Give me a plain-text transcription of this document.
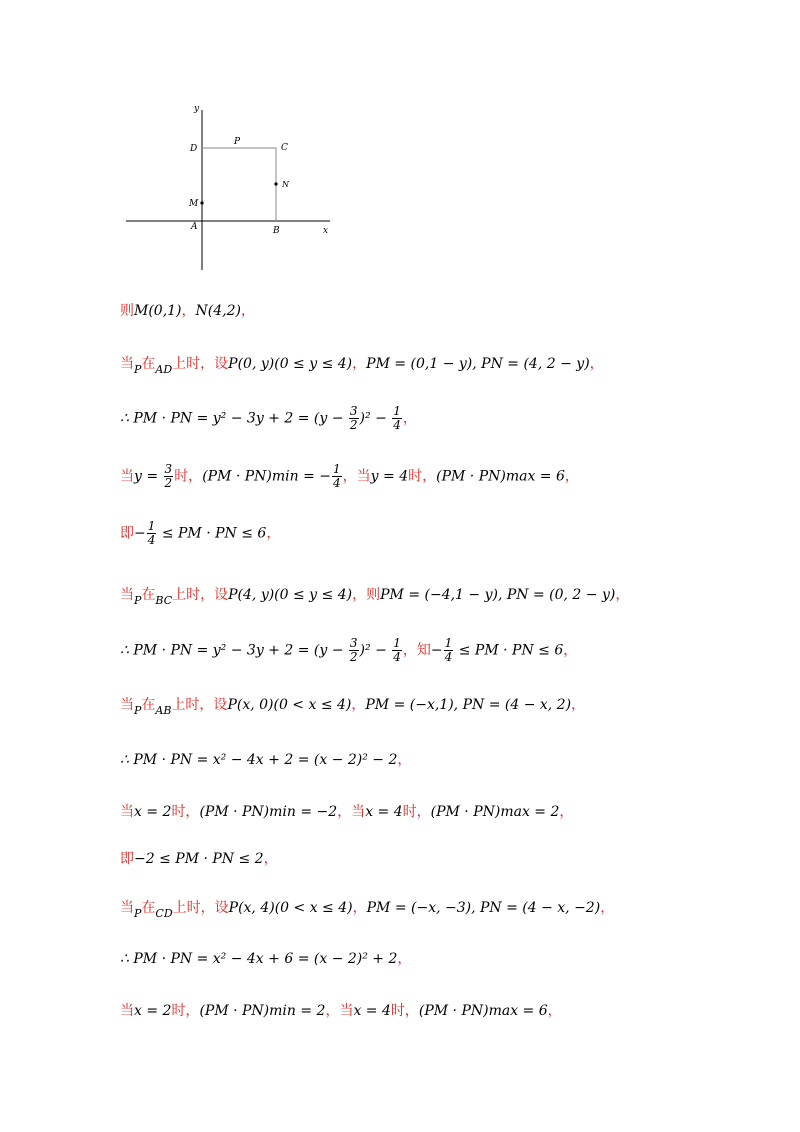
y
x
D
P
C
N
M
A	B
则M(0,1)，N(4,2)，
当$_P$在$_{AD}$上时，设P(0, y)(0 ≤ y ≤ 4)，PM = (0,1 − y), PN = (4, 2 − y)，
∴ PM · PN = $y^2 - 3y + 2 = (y - \frac{3}{2} )^2 - \frac{1}{4}$ ，
当$y = \frac{3}{2}$ 时，(PM · PN)min = − $\frac{1}{4}$ ，当y = 4时，(PM · PN)max = 6，
即− $\frac{1}{4}$ ≤ PM · PN ≤ 6，
当$_P$在$_{BC}$上时，设P(4, y)(0 ≤ y ≤ 4)，则PM = (−4,1 − y), PN = (0, 2 − y)，
∴ PM · PN = $y^2 - 3y + 2 = (y - \frac{3}{2} )^2 - \frac{1}{4}$ ，知− $\frac{1}{4}$ ≤ PM · PN ≤ 6，
当$_P$在$_{AB}$上时，设P(x, 0)(0 < x ≤ 4)，PM = (−x,1), PN = (4 − x, 2)，
∴ PM · PN = x² − 4x + 2 = (x − 2)² − 2，
当x = 2时，(PM · PN)min = −2，当x = 4时，(PM · PN)max = 2，
即−2 ≤ PM · PN ≤ 2，
当$_P$在$_{CD}$上时，设P(x, 4)(0 < x ≤ 4)，PM = (−x, −3), PN = (4 − x, −2)，
∴ PM · PN = x² − 4x + 6 = (x − 2)² + 2，
当x = 2时，(PM · PN)min = 2，当x = 4时，(PM · PN)max = 6，
